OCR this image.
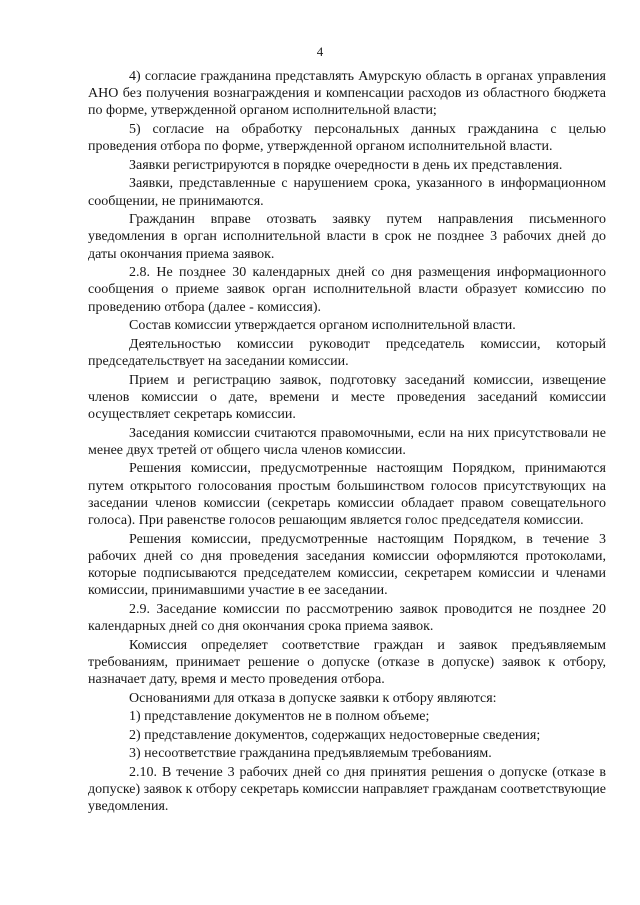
4

4) согласие гражданина представлять Амурскую область в органах управления АНО без получения вознаграждения и компенсации расходов из областного бюджета по форме, утвержденной органом исполнительной власти;

5) согласие на обработку персональных данных гражданина с целью проведения отбора по форме, утвержденной органом исполнительной власти.

Заявки регистрируются в порядке очередности в день их представления.

Заявки, представленные с нарушением срока, указанного в информационном сообщении, не принимаются.

Гражданин вправе отозвать заявку путем направления письменного уведомления в орган исполнительной власти в срок не позднее 3 рабочих дней до даты окончания приема заявок.

2.8. Не позднее 30 календарных дней со дня размещения информационного сообщения о приеме заявок орган исполнительной власти образует комиссию по проведению отбора (далее - комиссия).

Состав комиссии утверждается органом исполнительной власти.

Деятельностью комиссии руководит председатель комиссии, который председательствует на заседании комиссии.

Прием и регистрацию заявок, подготовку заседаний комиссии, извещение членов комиссии о дате, времени и месте проведения заседаний комиссии осуществляет секретарь комиссии.

Заседания комиссии считаются правомочными, если на них присутствовали не менее двух третей от общего числа членов комиссии.

Решения комиссии, предусмотренные настоящим Порядком, принимаются путем открытого голосования простым большинством голосов присутствующих на заседании членов комиссии (секретарь комиссии обладает правом совещательного голоса). При равенстве голосов решающим является голос председателя комиссии.

Решения комиссии, предусмотренные настоящим Порядком, в течение 3 рабочих дней со дня проведения заседания комиссии оформляются протоколами, которые подписываются председателем комиссии, секретарем комиссии и членами комиссии, принимавшими участие в ее заседании.

2.9. Заседание комиссии по рассмотрению заявок проводится не позднее 20 календарных дней со дня окончания срока приема заявок.

Комиссия определяет соответствие граждан и заявок предъявляемым требованиям, принимает решение о допуске (отказе в допуске) заявок к отбору, назначает дату, время и место проведения отбора.

Основаниями для отказа в допуске заявки к отбору являются:

1) представление документов не в полном объеме;

2) представление документов, содержащих недостоверные сведения;

3) несоответствие гражданина предъявляемым требованиям.

2.10. В течение 3 рабочих дней со дня принятия решения о допуске (отказе в допуске) заявок к отбору секретарь комиссии направляет гражданам соответствующие уведомления.
